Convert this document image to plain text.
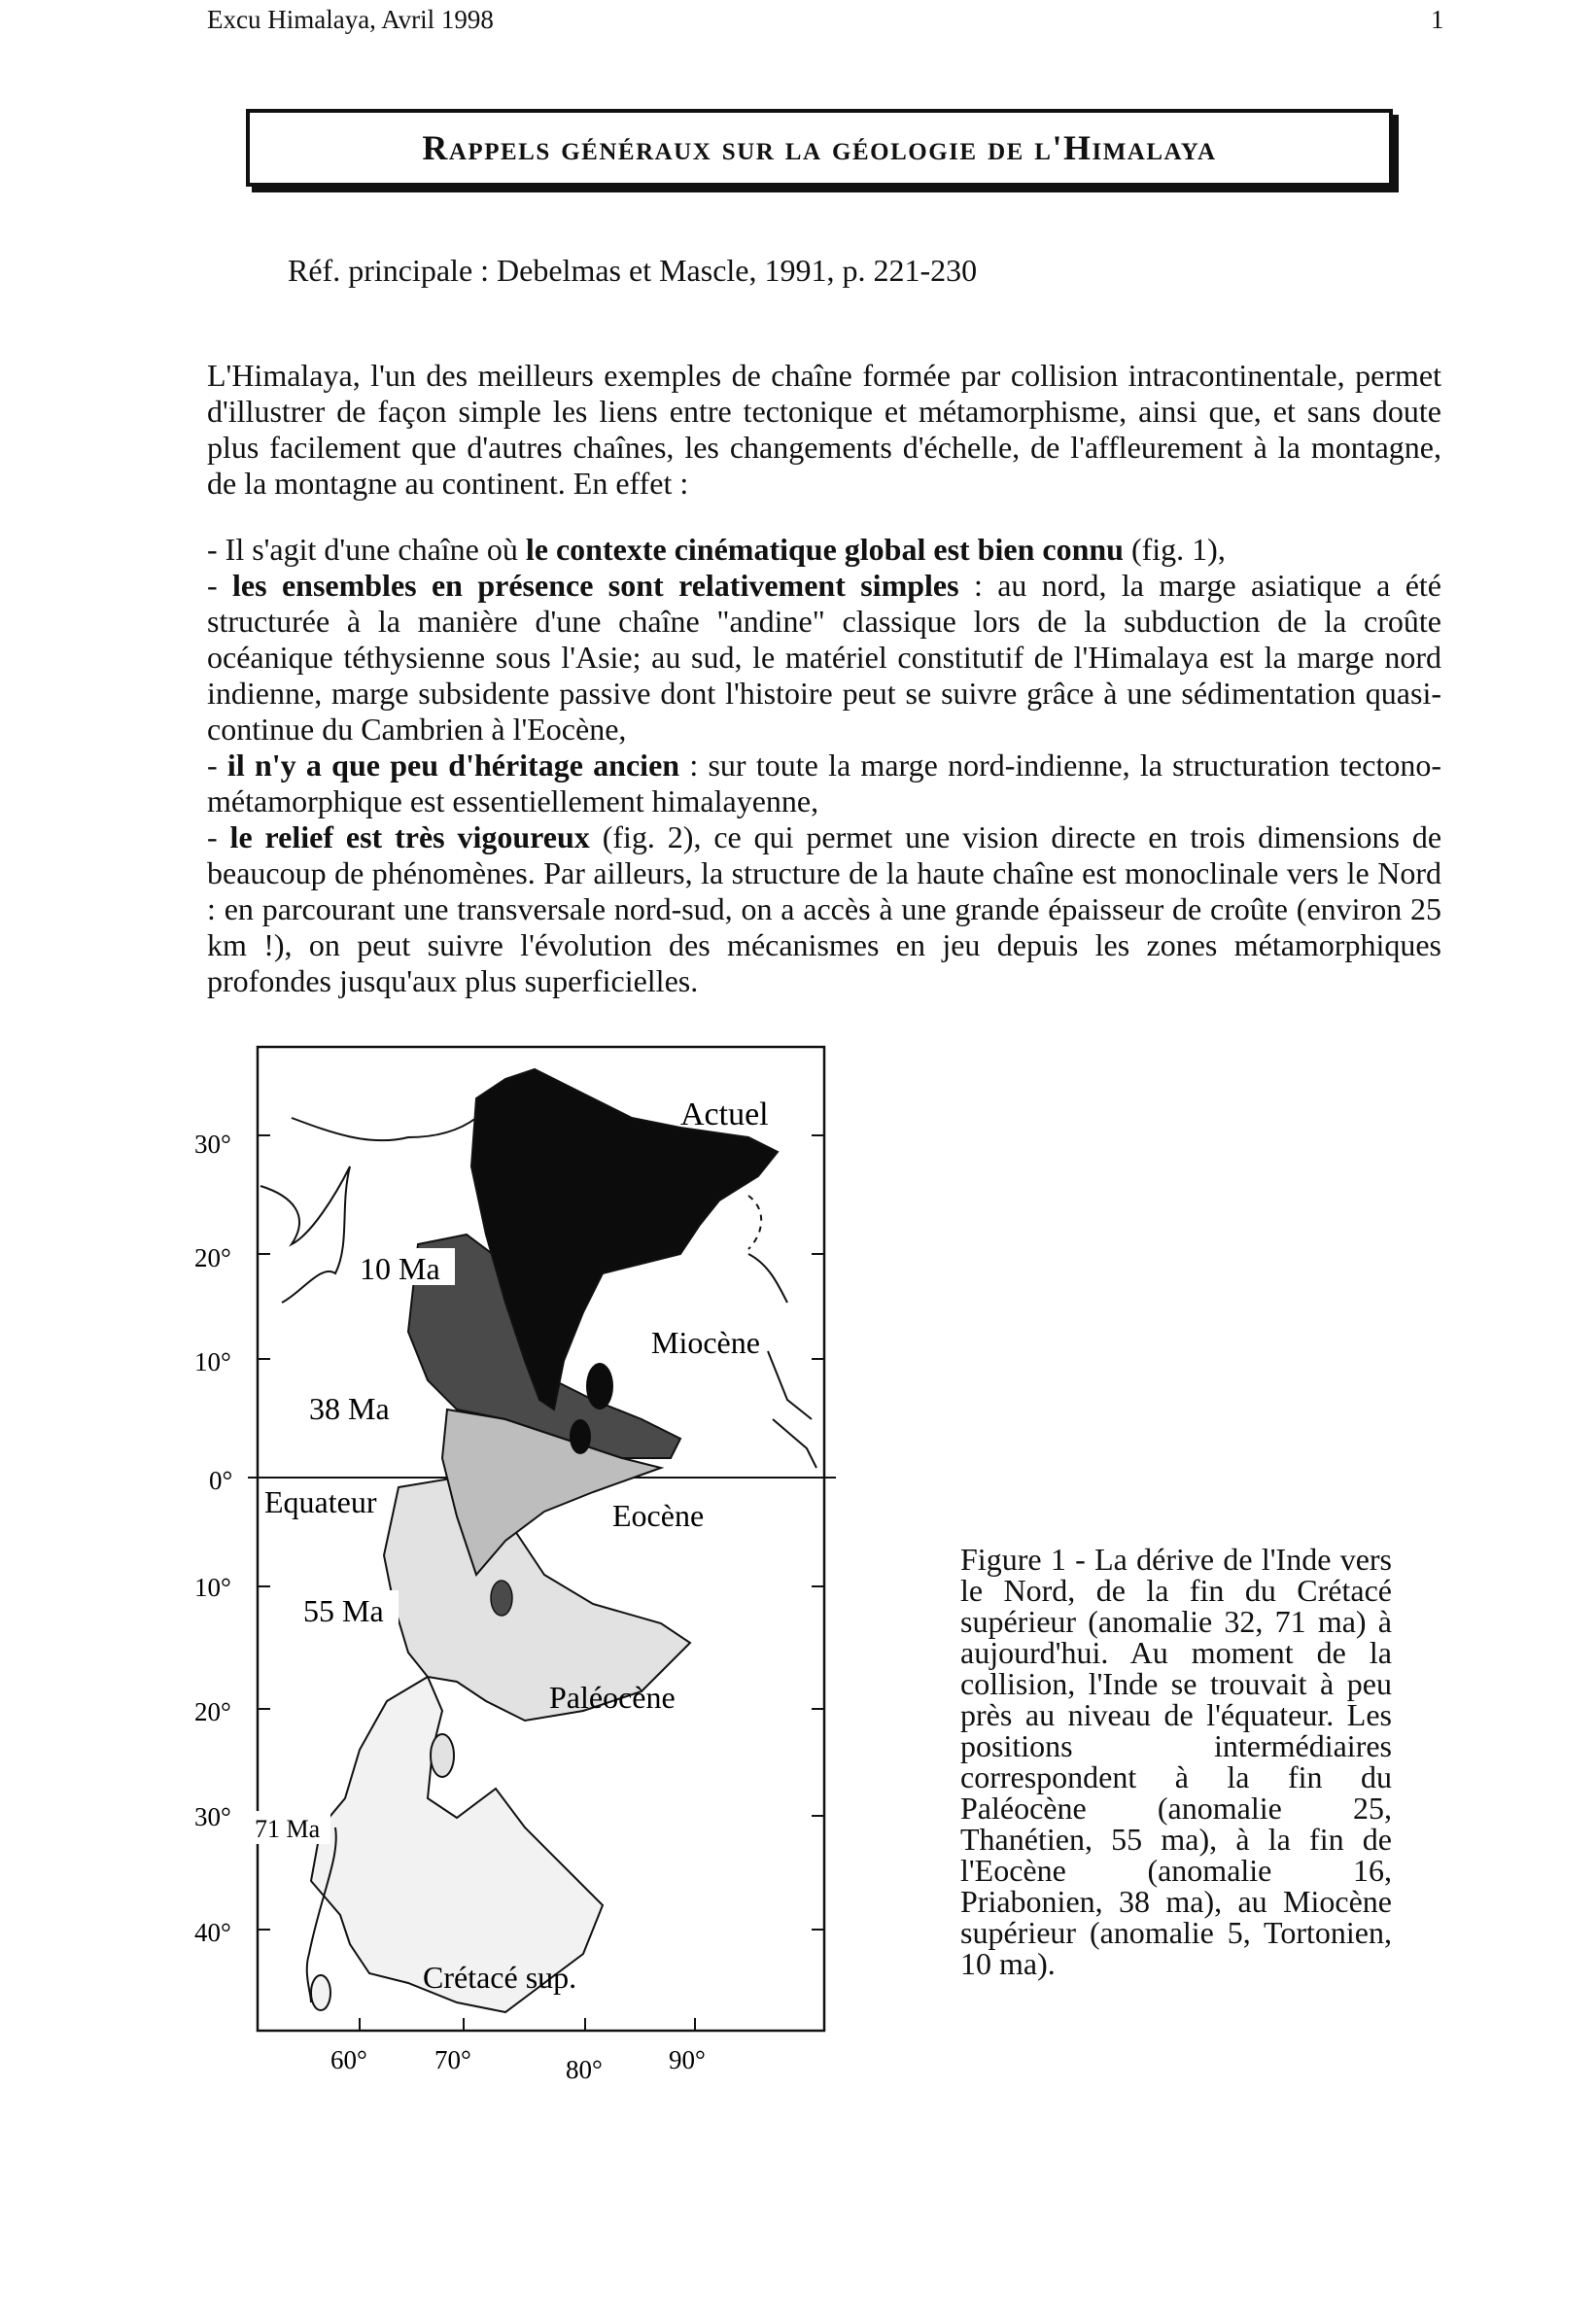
Excu Himalaya, Avril 1998	1
Rappels généraux sur la géologie de l'Himalaya
Réf. principale : Debelmas et Mascle, 1991, p. 221-230
L'Himalaya, l'un des meilleurs exemples de chaîne formée par collision intracontinentale, permet d'illustrer de façon simple les liens entre tectonique et métamorphisme, ainsi que, et sans doute plus facilement que d'autres chaînes, les changements d'échelle, de l'affleurement à la montagne, de la montagne au continent. En effet :

- Il s'agit d'une chaîne où le contexte cinématique global est bien connu (fig. 1),

- les ensembles en présence sont relativement simples : au nord, la marge asiatique a été structurée à la manière d'une chaîne "andine" classique lors de la subduction de la croûte océanique téthysienne sous l'Asie; au sud, le matériel constitutif de l'Himalaya est la marge nord indienne, marge subsidente passive dont l'histoire peut se suivre grâce à une sédimentation quasi-continue du Cambrien à l'Eocène,

- il n'y a que peu d'héritage ancien : sur toute la marge nord-indienne, la structuration tectono-métamorphique est essentiellement himalayenne,

- le relief est très vigoureux (fig. 2), ce qui permet une vision directe en trois dimensions de beaucoup de phénomènes. Par ailleurs, la structure de la haute chaîne est monoclinale vers le Nord : en parcourant une transversale nord-sud, on a accès à une grande épaisseur de croûte (environ 25 km !), on peut suivre l'évolution des mécanismes en jeu depuis les zones métamorphiques profondes jusqu'aux plus superficielles.

30°
20°
10°
0°
10°
20°
30°
40°
60°	70°	80°	90°
10 Ma
38 Ma
55 Ma
71 Ma
Actuel
Miocène
Eocène
Paléocène
Crétacé sup.
Equateur
Figure 1 - La dérive de l'Inde vers le Nord, de la fin du Crétacé supérieur (anomalie 32, 71 ma) à aujourd'hui. Au moment de la collision, l'Inde se trouvait à peu près au niveau de l'équateur. Les positions intermédiaires correspondent à la fin du Paléocène (anomalie 25, Thanétien, 55 ma), à la fin de l'Eocène (anomalie 16, Priabonien, 38 ma), au Miocène supérieur (anomalie 5, Tortonien, 10 ma).
